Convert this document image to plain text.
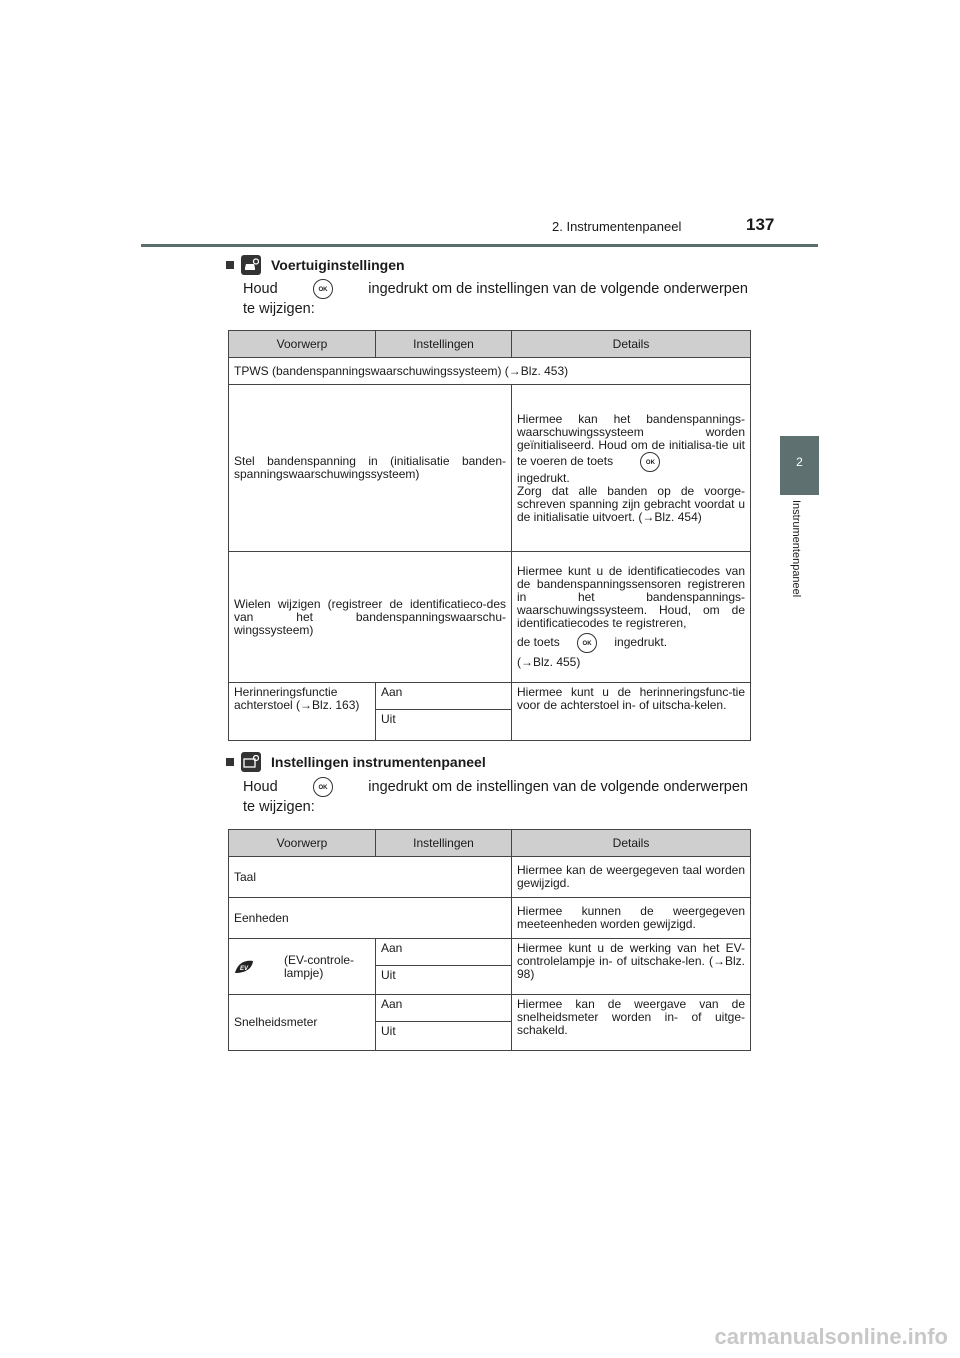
2. Instrumentenpaneel	137
2
Instrumentenpaneel
Voertuiginstellingen
Houd	OK	ingedrukt om de instellingen van de volgende onderwerpen
te wijzigen:
Voorwerp	Instellingen	Details
TPWS (bandenspanningswaarschuwingssysteem) (→Blz. 453)		
Stel bandenspanning in (initialisatie banden-spanningswaarschuwingssysteem)		Hiermee kan het bandenspannings-waarschuwingssysteem worden geïnitialiseerd. Houd om de initialisa-tie uit te voeren de toets OK
ingedrukt.
Zorg dat alle banden op de voorge-schreven spanning zijn gebracht voordat u de initialisatie uitvoert. (→Blz. 454)
Wielen wijzigen (registreer de identificatieco-des van het bandenspanningswaarschu-wingssysteem)		Hiermee kunt u de identificatiecodes van de bandenspanningssensoren registreren in het bandenspannings-waarschuwingssysteem. Houd, om de identificatiecodes te registreren,
de toets OK ingedrukt.
(→Blz. 455)
Herinneringsfunctie achterstoel (→Blz. 163)	Aan	Hiermee kunt u de herinneringsfunc-tie voor de achterstoel in- of uitscha-kelen.
	Uit	
Instellingen instrumentenpaneel
Houd	OK	ingedrukt om de instellingen van de volgende onderwerpen
te wijzigen:
Voorwerp	Instellingen	Details
Taal		Hiermee kan de weergegeven taal worden gewijzigd.
Eenheden		Hiermee kunnen de weergegeven meeteenheden worden gewijzigd.

EV
(EV-controle-lampje)	Aan	Hiermee kunt u de werking van het EV-controlelampje in- of uitschake-len. (→Blz. 98)
	Uit	
Snelheidsmeter	Aan	Hiermee kan de weergave van de snelheidsmeter worden in- of uitge-schakeld.
	Uit	
carmanualsonline.info
